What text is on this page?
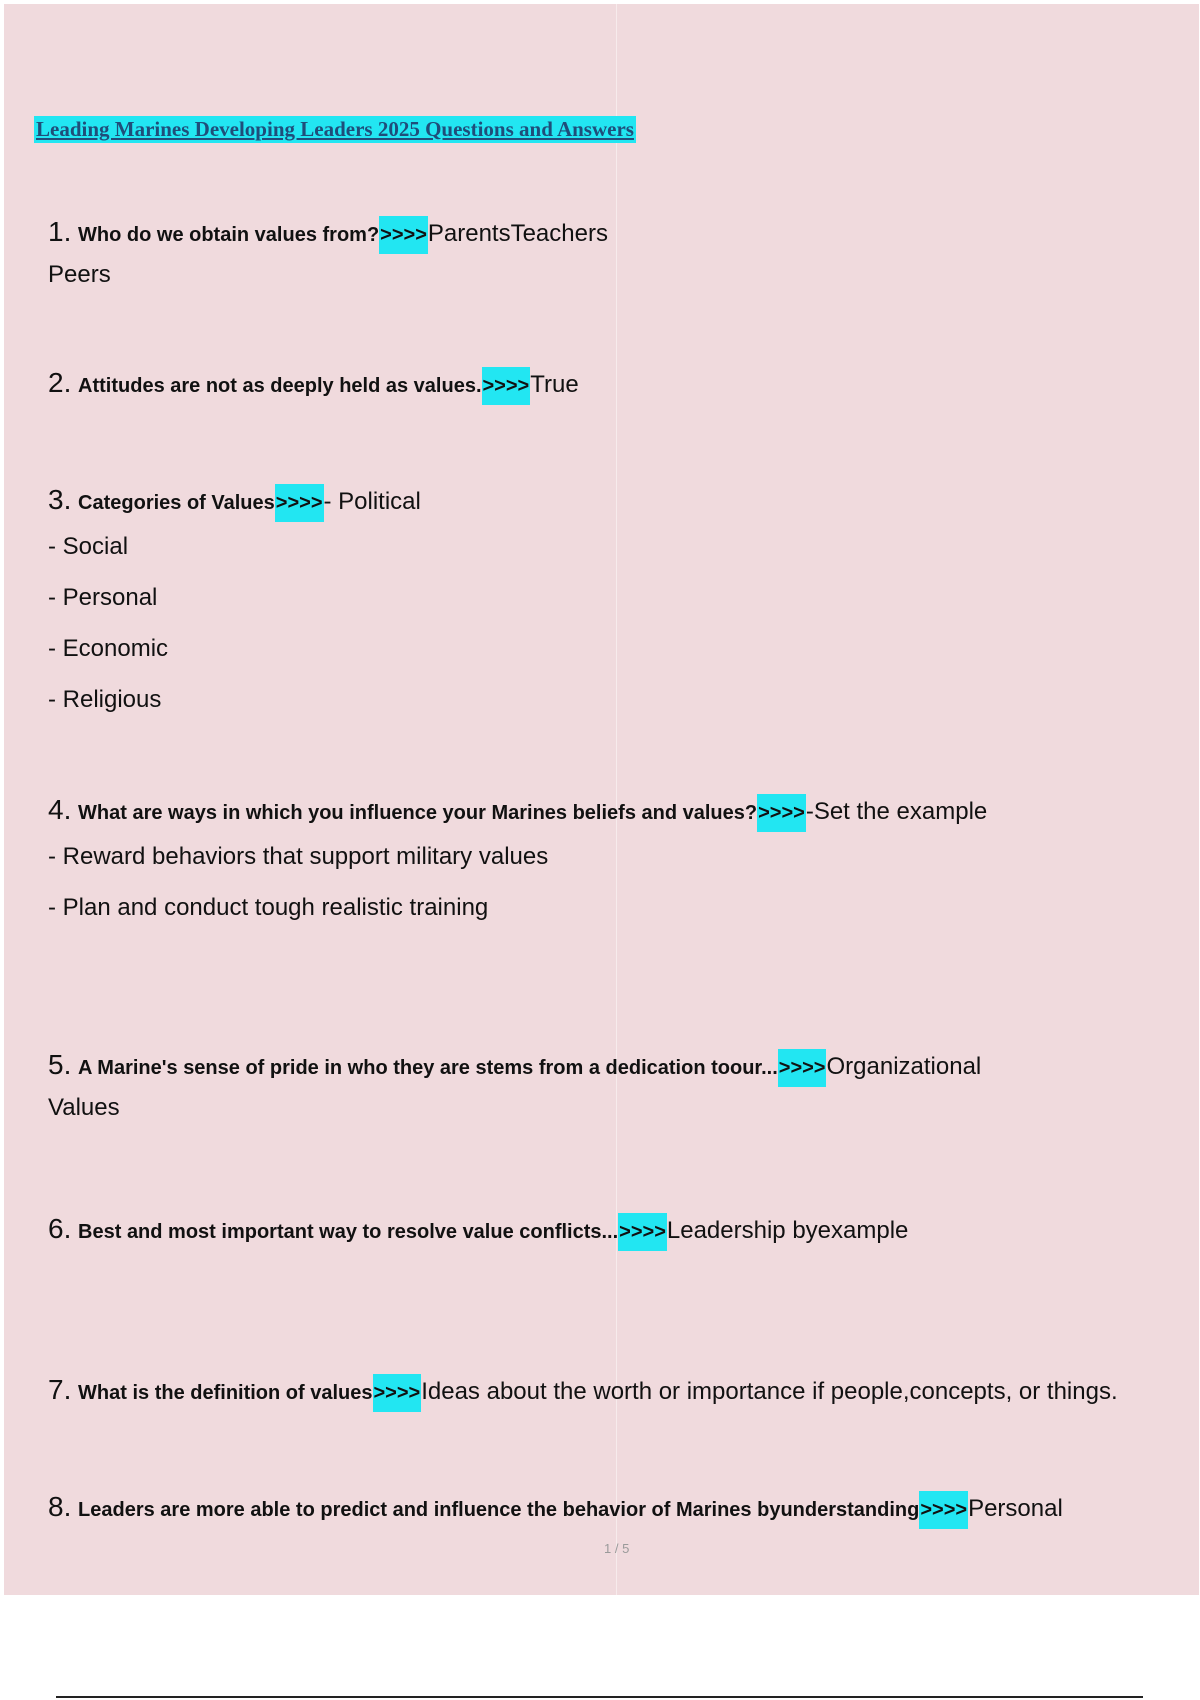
Leading Marines Developing Leaders 2025 Questions and Answers
1. Who do we obtain values from?>>>>ParentsTeachers
Peers
2. Attitudes are not as deeply held as values.>>>>True
3. Categories of Values>>>>- Political
- Social
- Personal
- Economic
- Religious
4. What are ways in which you influence your Marines beliefs and values?>>>>-Set the example
- Reward behaviors that support military values
- Plan and conduct tough realistic training
5. A Marine's sense of pride in who they are stems from a dedication toour...>>>>Organizational
Values
6. Best and most important way to resolve value conflicts...>>>>Leadership byexample
7. What is the definition of values>>>>Ideas about the worth or importance if people,concepts, or things.
8. Leaders are more able to predict and influence the behavior of Marines byunderstanding>>>>Personal
1 / 5
